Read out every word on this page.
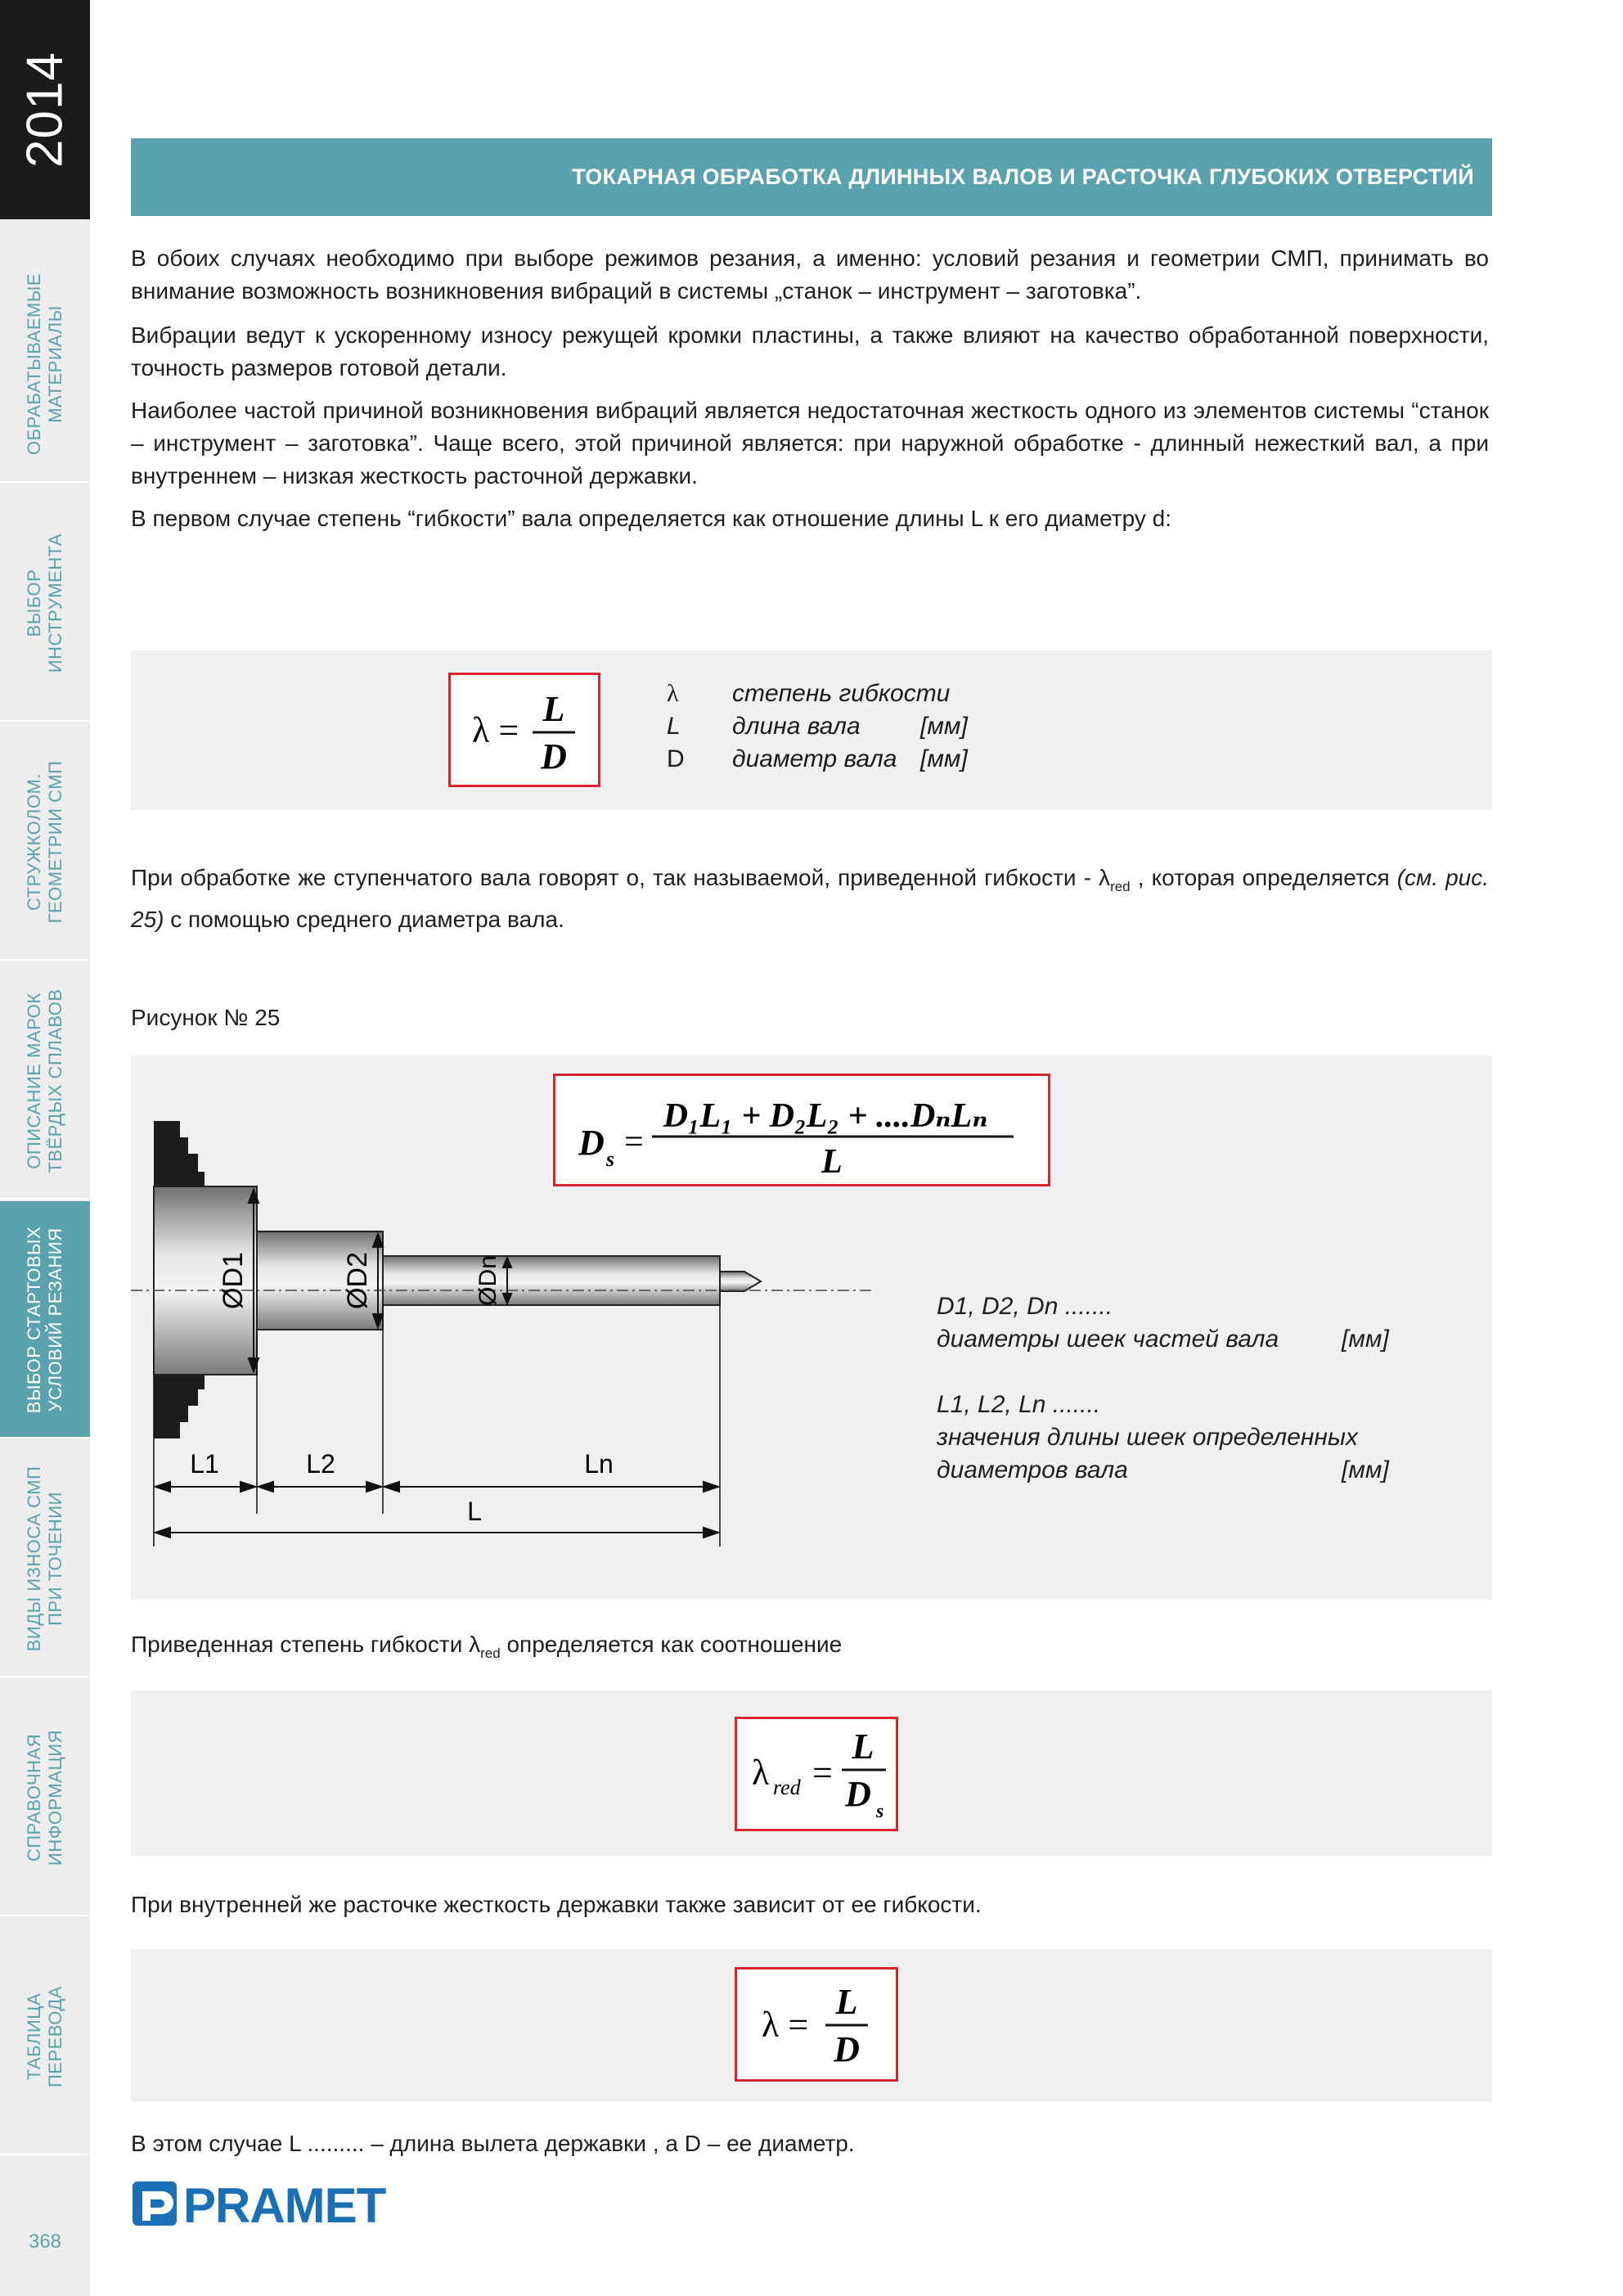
2014
ОБРАБАТЫВАЕМЫЕ
МАТЕРИАЛЫ
ВЫБОР
ИНСТРУМЕНТА
СТРУЖКОЛОМ.
ГЕОМЕТРИИ СМП
ОПИСАНИЕ МАРОК
ТВЁРДЫХ СПЛАВОВ
ВЫБОР СТАРТОВЫХ
УСЛОВИЙ РЕЗАНИЯ
ВИДЫ ИЗНОСА СМП
ПРИ ТОЧЕНИИ
СПРАВОЧНАЯ
ИНФОРМАЦИЯ
ТАБЛИЦА
ПЕРЕВОДА
368
ТОКАРНАЯ ОБРАБОТКА ДЛИННЫХ ВАЛОВ И РАСТОЧКА ГЛУБОКИХ ОТВЕРСТИЙ
В обоих случаях необходимо при выборе режимов резания, а именно: условий резания и геометрии СМП, принимать во внимание возможность возникновения вибраций в системы „станок – инструмент – заготовка”.
Вибрации ведут к ускоренному износу режущей кромки пластины, а также влияют на качество обработанной поверхности, точность размеров готовой детали.
Наиболее частой причиной возникновения вибраций является недостаточная жесткость одного из элементов системы “станок – инструмент – заготовка”. Чаще всего, этой причиной является: при наружной обработке - длинный нежесткий вал, а при внутреннем – низкая жесткость расточной державки.
В первом случае степень “гибкости” вала определяется как отношение длины L к его диаметру d:
λ =
L
D
λ степень гибкости
L длина вала [мм]
D диаметр вала [мм]
При обработке же ступенчатого вала говорят о, так называемой, приведенной гибкости - $\lambda_{red}$ , которая определяется (см. рис. 25) с помощью среднего диаметра вала.
Рисунок № 25
D s =
D₁L₁ + D₂L₂ + ....DₙLₙ
L
ØD1	ØD2	ØDn
L1	L2	Ln
L
D1, D2, Dn .......
диаметры шеек частей вала	[мм]
L1, L2, Ln .......
значения длины шеек определенных
диаметров вала	[мм]
Приведенная степень гибкости $\lambda_{red}$ определяется как соотношение
λ red =
L
D s
При внутренней же расточке жесткость державки также зависит от ее гибкости.
λ =
L
D
В этом случае L ......... – длина вылета державки , а D – ее диаметр.
PRAMET
